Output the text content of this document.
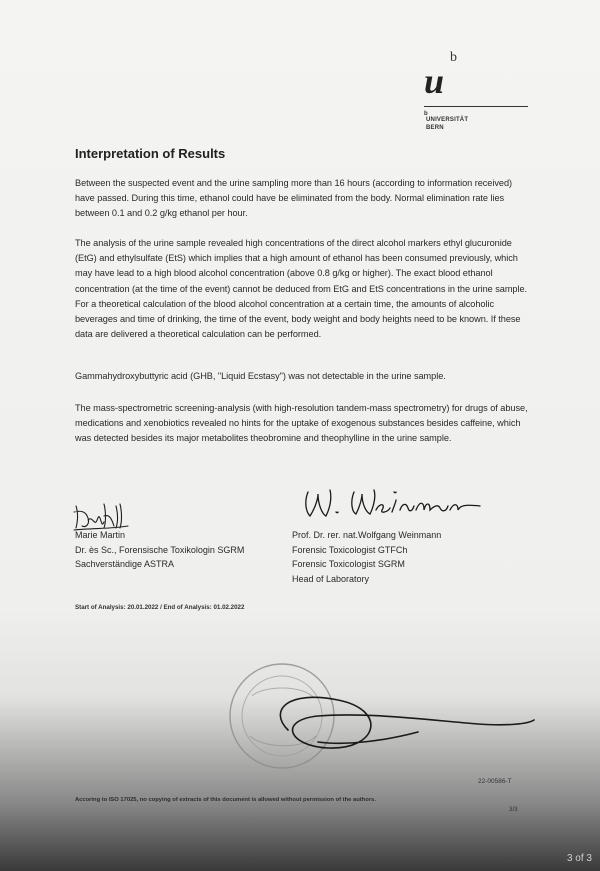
u
b
b
UNIVERSITÄT
BERN
Interpretation of Results
Between the suspected event and the urine sampling more than 16 hours (according to information received) have passed. During this time, ethanol could have be eliminated from the body. Normal elimination rate lies between 0.1 and 0.2 g/kg ethanol per hour.
The analysis of the urine sample revealed high concentrations of the direct alcohol markers ethyl glucuronide (EtG) and ethylsulfate (EtS) which implies that a high amount of ethanol has been consumed previously, which may have lead to a high blood alcohol concentration (above 0.8 g/kg or higher). The exact blood ethanol concentration (at the time of the event) cannot be deduced from EtG and EtS concentrations in the urine sample. For a theoretical calculation of the blood alcohol concentration at a certain time, the amounts of alcoholic beverages and time of drinking, the time of the event, body weight and body heights need to be known. If these data are delivered a theoretical calculation can be performed.
Gammahydroxybuttyric acid (GHB, "Liquid Ecstasy") was not detectable in the urine sample.
The mass-spectrometric screening-analysis (with high-resolution tandem-mass spectrometry) for drugs of abuse, medications and xenobiotics revealed no hints for the uptake of exogenous substances besides caffeine, which was detected besides its major metabolites theobromine and theophylline in the urine sample.
Marie Martin
Dr. ès Sc., Forensische Toxikologin SGRM
Sachverständige ASTRA
Prof. Dr. rer. nat.Wolfgang Weinmann
Forensic Toxicologist GTFCh
Forensic Toxicologist SGRM
Head of Laboratory
Start of Analysis: 20.01.2022 / End of Analysis: 01.02.2022
22-00586-T
Accoring to ISO 17025, no copying of extracts of this document is allowed without permission of the authors.
3/3
3 of 3
